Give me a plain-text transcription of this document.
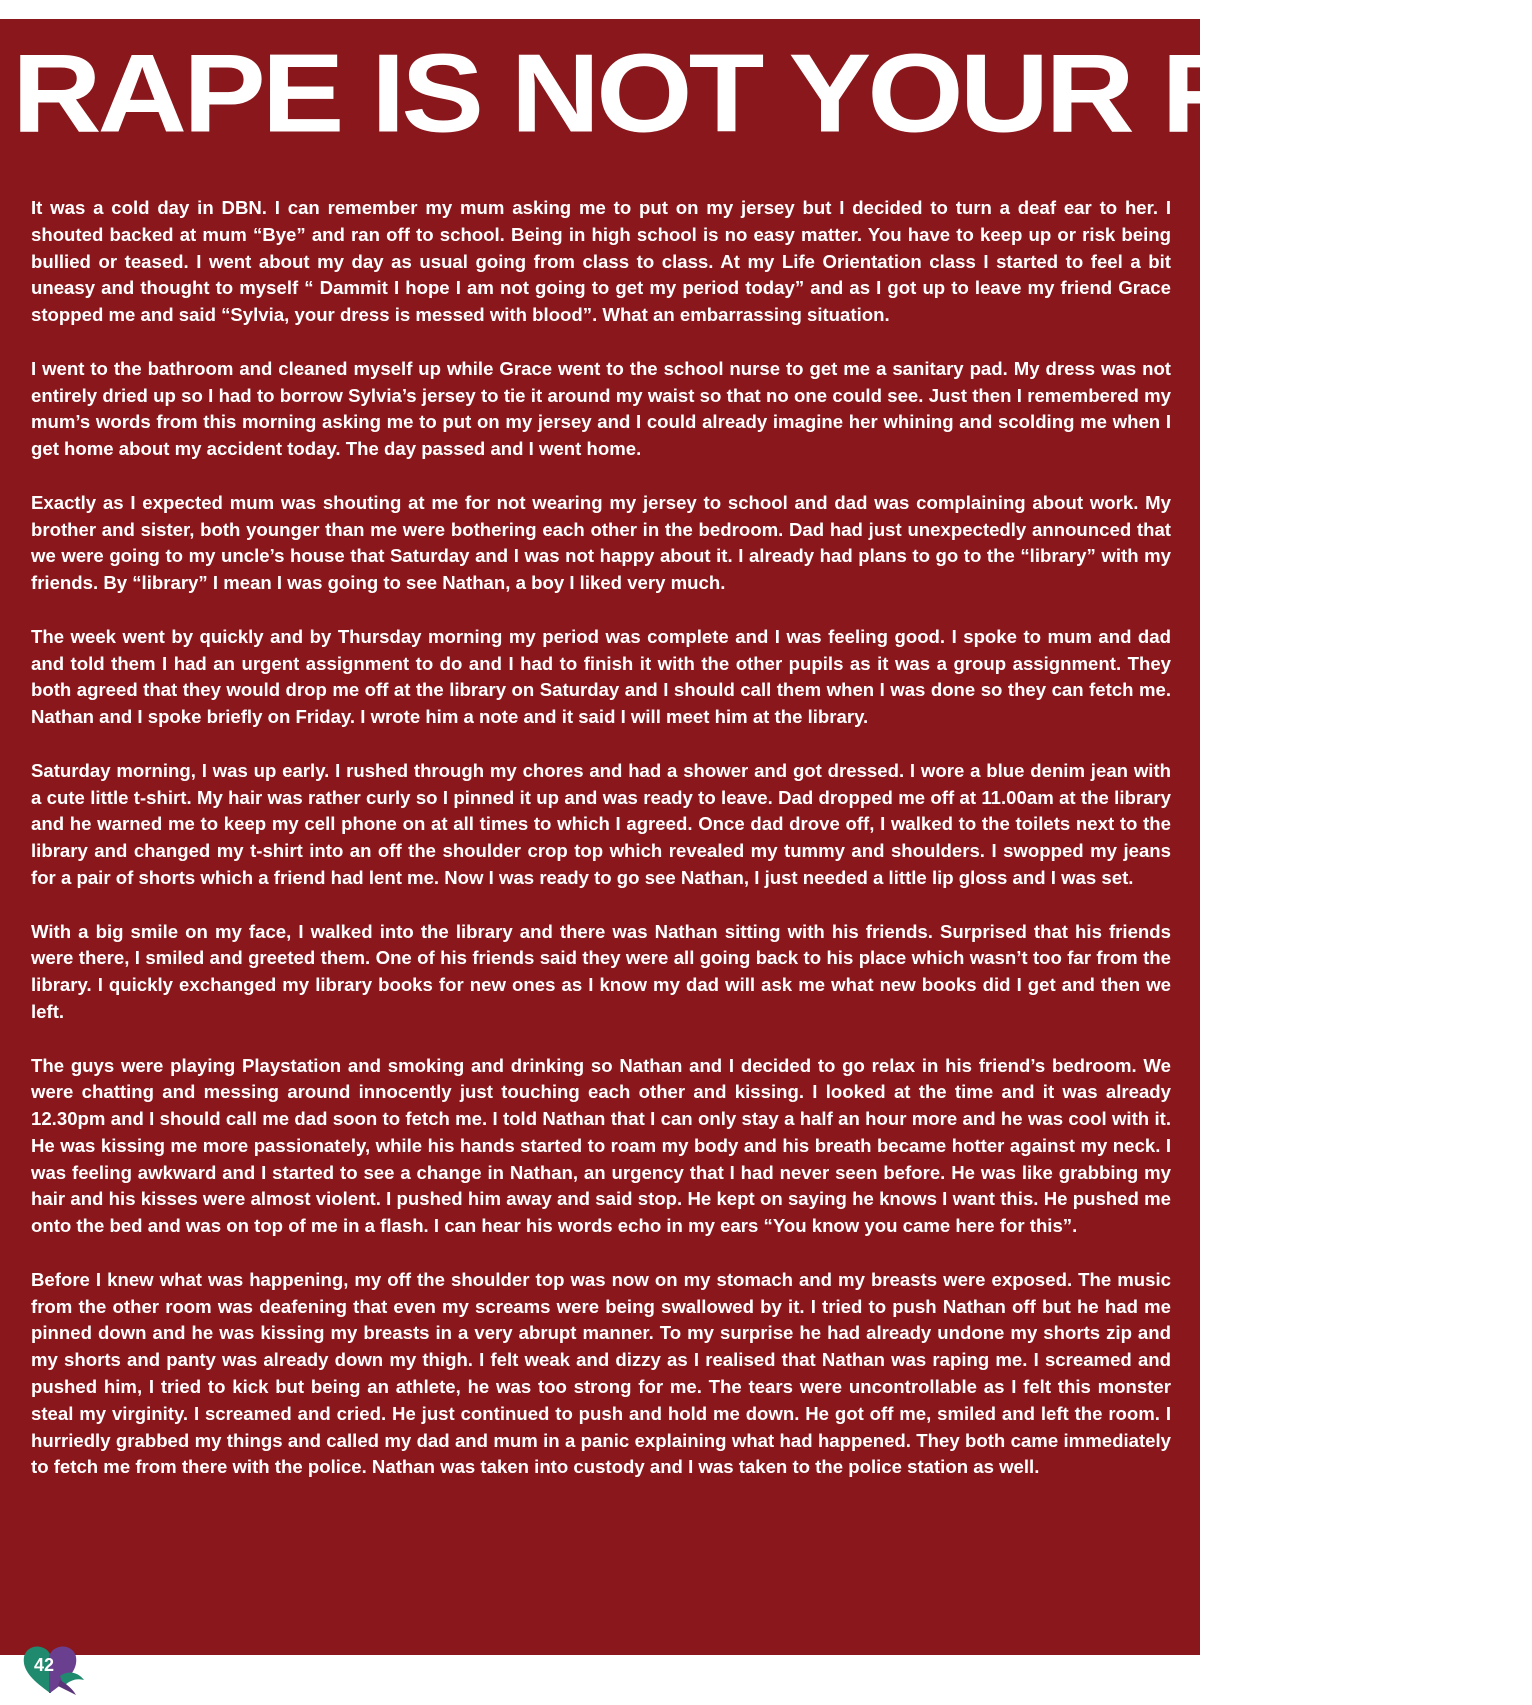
RAPE IS NOT YOUR FAULT

It was a cold day in DBN. I can remember my mum asking me to put on my jersey but I decided to turn a deaf ear to her. I shouted backed at mum “Bye” and ran off to school. Being in high school is no easy matter. You have to keep up or risk being bullied or teased. I went about my day as usual going from class to class. At my Life Orientation class I started to feel a bit uneasy and thought to myself “ Dammit I hope I am not going to get my period today” and as I got up to leave my friend Grace stopped me and said “Sylvia, your dress is messed with blood”. What an embarrassing situation.

I went to the bathroom and cleaned myself up while Grace went to the school nurse to get me a sanitary pad. My dress was not entirely dried up so I had to borrow Sylvia’s jersey to tie it around my waist so that no one could see. Just then I remembered my mum’s words from this morning asking me to put on my jersey and I could already imagine her whining and scolding me when I get home about my accident today. The day passed and I went home.

Exactly as I expected mum was shouting at me for not wearing my jersey to school and dad was complaining about work. My brother and sister, both younger than me were bothering each other in the bedroom. Dad had just unexpectedly announced that we were going to my uncle’s house that Saturday and I was not happy about it. I already had plans to go to the “library” with my friends. By “library” I mean I was going to see Nathan, a boy I liked very much.

The week went by quickly and by Thursday morning my period was complete and I was feeling good. I spoke to mum and dad and told them I had an urgent assignment to do and I had to finish it with the other pupils as it was a group assignment. They both agreed that they would drop me off at the library on Saturday and I should call them when I was done so they can fetch me. Nathan and I spoke briefly on Friday. I wrote him a note and it said I will meet him at the library.

Saturday morning, I was up early. I rushed through my chores and had a shower and got dressed. I wore a blue denim jean with a cute little t-shirt. My hair was rather curly so I pinned it up and was ready to leave. Dad dropped me off at 11.00am at the library and he warned me to keep my cell phone on at all times to which I agreed. Once dad drove off, I walked to the toilets next to the library and changed my t-shirt into an off the shoulder crop top which revealed my tummy and shoulders. I swopped my jeans for a pair of shorts which a friend had lent me. Now I was ready to go see Nathan, I just needed a little lip gloss and I was set.

With a big smile on my face, I walked into the library and there was Nathan sitting with his friends. Surprised that his friends were there, I smiled and greeted them. One of his friends said they were all going back to his place which wasn’t too far from the library. I quickly exchanged my library books for new ones as I know my dad will ask me what new books did I get and then we left.

The guys were playing Playstation and smoking and drinking so Nathan and I decided to go relax in his friend’s bedroom. We were chatting and messing around innocently just touching each other and kissing. I looked at the time and it was already 12.30pm and I should call me dad soon to fetch me. I told Nathan that I can only stay a half an hour more and he was cool with it. He was kissing me more passionately, while his hands started to roam my body and his breath became hotter against my neck. I was feeling awkward and I started to see a change in Nathan, an urgency that I had never seen before. He was like grabbing my hair and his kisses were almost violent. I pushed him away and said stop. He kept on saying he knows I want this. He pushed me onto the bed and was on top of me in a flash. I can hear his words echo in my ears “You know you came here for this”.

Before I knew what was happening, my off the shoulder top was now on my stomach and my breasts were exposed. The music from the other room was deafening that even my screams were being swallowed by it. I tried to push Nathan off but he had me pinned down and he was kissing my breasts in a very abrupt manner. To my surprise he had already undone my shorts zip and my shorts and panty was already down my thigh. I felt weak and dizzy as I realised that Nathan was raping me. I screamed and pushed him, I tried to kick but being an athlete, he was too strong for me. The tears were uncontrollable as I felt this monster steal my virginity. I screamed and cried. He just continued to push and hold me down. He got off me, smiled and left the room. I hurriedly grabbed my things and called my dad and mum in a panic explaining what had happened. They both came immediately to fetch me from there with the police. Nathan was taken into custody and I was taken to the police station as well.

42
